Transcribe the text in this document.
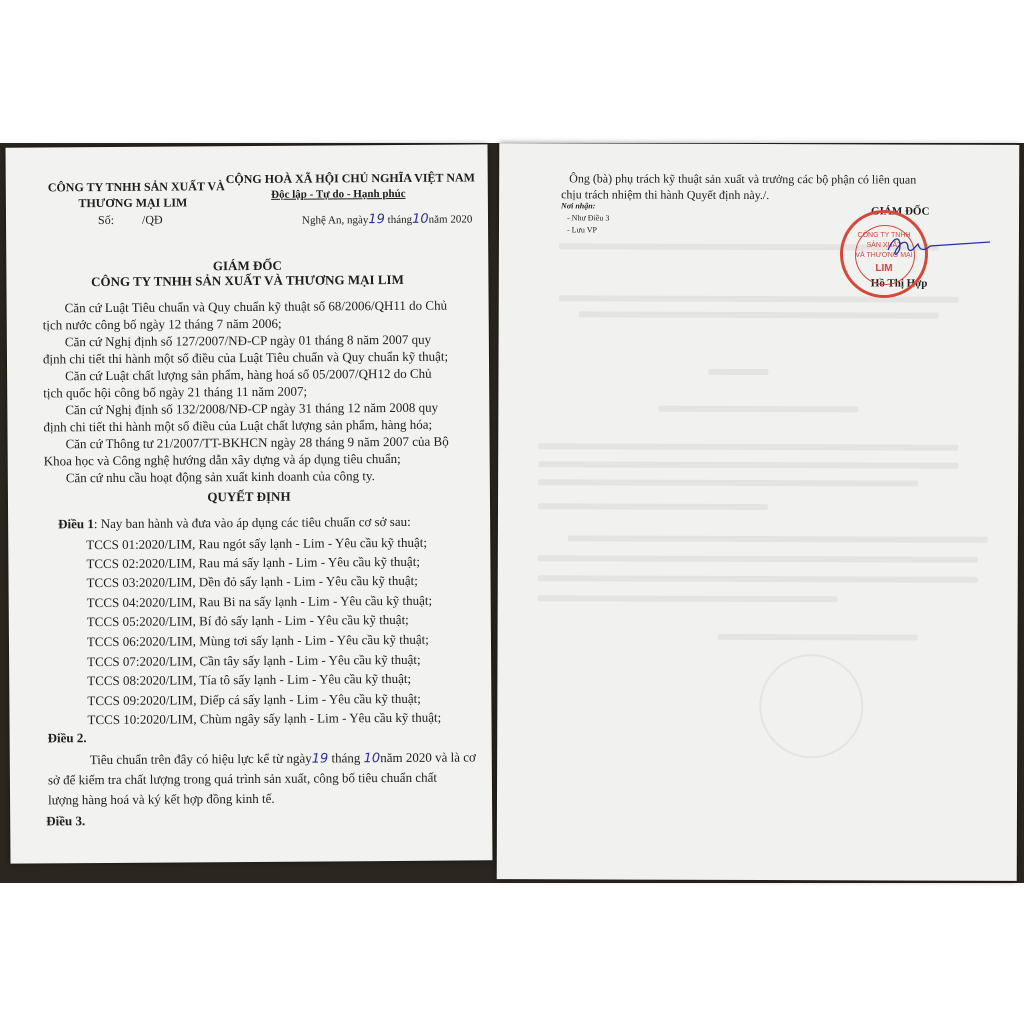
CÔNG TY TNHH SẢN XUẤT VÀ
THƯƠNG MẠI LIM
Số: /QĐ
CỘNG HOÀ XÃ HỘI CHỦ NGHĨA VIỆT NAM
Độc lập - Tự do - Hạnh phúc
Nghệ An, ngày19 tháng10năm 2020
GIÁM ĐỐC
CÔNG TY TNHH SẢN XUẤT VÀ THƯƠNG MẠI LIM
Căn cứ Luật Tiêu chuẩn và Quy chuẩn kỹ thuật số 68/2006/QH11 do Chủ
tịch nước công bố ngày 12 tháng 7 năm 2006;
Căn cứ Nghị định số 127/2007/NĐ-CP ngày 01 tháng 8 năm 2007 quy
định chi tiết thi hành một số điều của Luật Tiêu chuẩn và Quy chuẩn kỹ thuật;
Căn cứ Luật chất lượng sản phẩm, hàng hoá số 05/2007/QH12 do Chủ
tịch quốc hội công bố ngày 21 tháng 11 năm 2007;
Căn cứ Nghị định số 132/2008/NĐ-CP ngày 31 tháng 12 năm 2008 quy
định chi tiết thi hành một số điều của Luật chất lượng sản phẩm, hàng hóa;
Căn cứ Thông tư 21/2007/TT-BKHCN ngày 28 tháng 9 năm 2007 của Bộ
Khoa học và Công nghệ hướng dẫn xây dựng và áp dụng tiêu chuẩn;
Căn cứ nhu cầu hoạt động sản xuất kinh doanh của công ty.
QUYẾT ĐỊNH
Điều 1: Nay ban hành và đưa vào áp dụng các tiêu chuẩn cơ sở sau:
TCCS 01:2020/LIM, Rau ngót sấy lạnh - Lim - Yêu cầu kỹ thuật;
TCCS 02:2020/LIM, Rau má sấy lạnh - Lim - Yêu cầu kỹ thuật;
TCCS 03:2020/LIM, Dền đỏ sấy lạnh - Lim - Yêu cầu kỹ thuật;
TCCS 04:2020/LIM, Rau Bi na sấy lạnh - Lim - Yêu cầu kỹ thuật;
TCCS 05:2020/LIM, Bí đỏ sấy lạnh - Lim - Yêu cầu kỹ thuật;
TCCS 06:2020/LIM, Mùng tơi sấy lạnh - Lim - Yêu cầu kỹ thuật;
TCCS 07:2020/LIM, Cần tây sấy lạnh - Lim - Yêu cầu kỹ thuật;
TCCS 08:2020/LIM, Tía tô sấy lạnh - Lim - Yêu cầu kỹ thuật;
TCCS 09:2020/LIM, Diếp cá sấy lạnh - Lim - Yêu cầu kỹ thuật;
TCCS 10:2020/LIM, Chùm ngây sấy lạnh - Lim - Yêu cầu kỹ thuật;
Điều 2.
Tiêu chuẩn trên đây có hiệu lực kể từ ngày19 tháng 10năm 2020 và là cơ
sở để kiểm tra chất lượng trong quá trình sản xuất, công bố tiêu chuẩn chất
lượng hàng hoá và ký kết hợp đồng kinh tế.
Điều 3.
Ông (bà) phụ trách kỹ thuật sản xuất và trưởng các bộ phận có liên quan
chịu trách nhiệm thi hành Quyết định này./.
Nơi nhận:
- Như Điều 3
- Lưu VP
GIÁM ĐỐC
Hồ Thị Hợp
CÔNG TY TNHH
SẢN XUẤT
VÀ THƯƠNG MẠI
LIM
